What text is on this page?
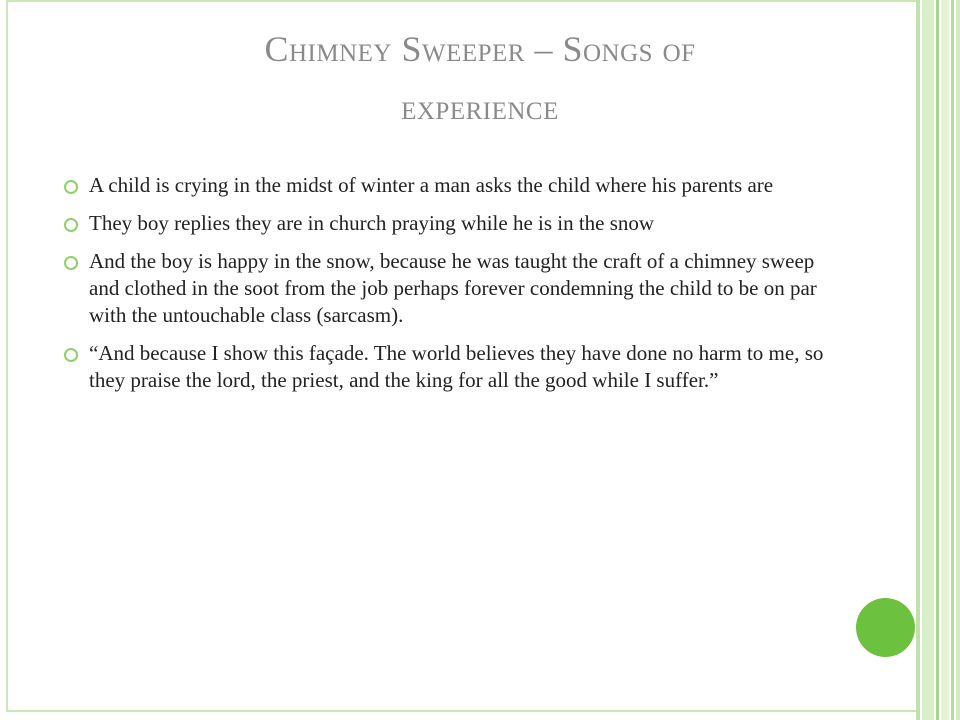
Chimney Sweeper – Songs of
experience
A child is crying in the midst of winter a man asks the child where his parents are
They boy replies they are in church praying while he is in the snow
And the boy is happy in the snow, because he was taught the craft of a chimney sweep and clothed in the soot from the job perhaps forever condemning the child to be on par with the untouchable class (sarcasm).
“And because I show this façade. The world believes they have done no harm to me, so they praise the lord, the priest, and the king for all the good while I suffer.”
